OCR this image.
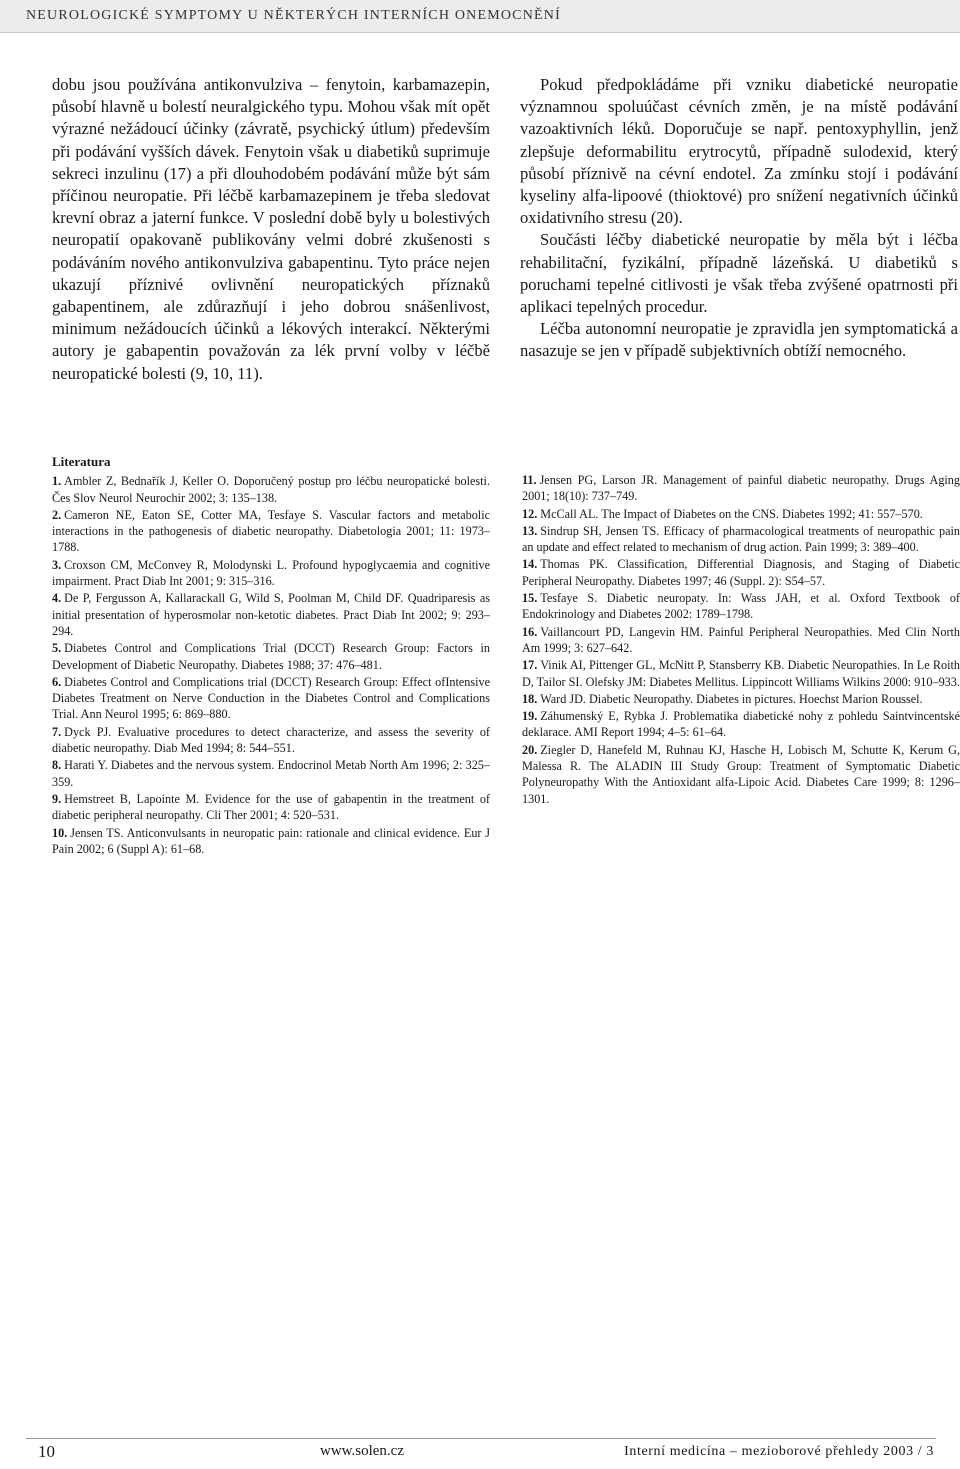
NEUROLOGICKÉ SYMPTOMY U NĚKTERÝCH INTERNÍCH ONEMOCNĚNÍ

dobu jsou používána antikonvulziva – fenytoin, karbamazepin, působí hlavně u bolestí neuralgického typu. Mohou však mít opět výrazné nežádoucí účinky (závratě, psychický útlum) především při podávání vyšších dávek. Fenytoin však u diabetiků suprimuje sekreci inzulinu (17) a při dlouhodobém podávání může být sám příčinou neuropatie. Při léčbě karbamazepinem je třeba sledovat krevní obraz a jaterní funkce. V poslední době byly u bolestivých neuropatií opakovaně publikovány velmi dobré zkušenosti s podáváním nového antikonvulziva gabapentinu. Tyto práce nejen ukazují příznivé ovlivnění neuropatických příznaků gabapentinem, ale zdůrazňují i jeho dobrou snášenlivost, minimum nežádoucích účinků a lékových interakcí. Některými autory je gabapentin považován za lék první volby v léčbě neuropatické bolesti (9, 10, 11).

Pokud předpokládáme při vzniku diabetické neuropatie významnou spoluúčast cévních změn, je na místě podávání vazoaktivních léků. Doporučuje se např. pentoxyphyllin, jenž zlepšuje deformabilitu erytrocytů, případně sulodexid, který působí příznivě na cévní endotel. Za zmínku stojí i podávání kyseliny alfa-lipoové (thioktové) pro snížení negativních účinků oxidativního stresu (20).

Součásti léčby diabetické neuropatie by měla být i léčba rehabilitační, fyzikální, případně lázeňská. U diabetiků s poruchami tepelné citlivosti je však třeba zvýšené opatrnosti při aplikaci tepelných procedur.

Léčba autonomní neuropatie je zpravidla jen symptomatická a nasazuje se jen v případě subjektivních obtíží nemocného.

Literatura
1. Ambler Z, Bednařík J, Keller O. Doporučený postup pro léčbu neuropatické bolesti. Čes Slov Neurol Neurochir 2002; 3: 135–138.
2. Cameron NE, Eaton SE, Cotter MA, Tesfaye S. Vascular factors and metabolic interactions in the pathogenesis of diabetic neuropathy. Diabetologia 2001; 11: 1973–1788.
3. Croxson CM, McConvey R, Molodynski L. Profound hypoglycaemia and cognitive impairment. Pract Diab Int 2001; 9: 315–316.
4. De P, Fergusson A, Kallarackall G, Wild S, Poolman M, Child DF. Quadriparesis as initial presentation of hyperosmolar non-ketotic diabetes. Pract Diab Int 2002; 9: 293–294.
5. Diabetes Control and Complications Trial (DCCT) Research Group: Factors in Development of Diabetic Neuropathy. Diabetes 1988; 37: 476–481.
6. Diabetes Control and Complications trial (DCCT) Research Group: Effect ofIntensive Diabetes Treatment on Nerve Conduction in the Diabetes Control and Complications Trial. Ann Neurol 1995; 6: 869–880.
7. Dyck PJ. Evaluative procedures to detect characterize, and assess the severity of diabetic neuropathy. Diab Med 1994; 8: 544–551.
8. Harati Y. Diabetes and the nervous system. Endocrinol Metab North Am 1996; 2: 325–359.
9. Hemstreet B, Lapointe M. Evidence for the use of gabapentin in the treatment of diabetic peripheral neuropathy. Cli Ther 2001; 4: 520–531.
10. Jensen TS. Anticonvulsants in neuropatic pain: rationale and clinical evidence. Eur J Pain 2002; 6 (Suppl A): 61–68.
11. Jensen PG, Larson JR. Management of painful diabetic neuropathy. Drugs Aging 2001; 18(10): 737–749.
12. McCall AL. The Impact of Diabetes on the CNS. Diabetes 1992; 41: 557–570.
13. Sindrup SH, Jensen TS. Efficacy of pharmacological treatments of neuropathic pain an update and effect related to mechanism of drug action. Pain 1999; 3: 389–400.
14. Thomas PK. Classification, Differential Diagnosis, and Staging of Diabetic Peripheral Neuropathy. Diabetes 1997; 46 (Suppl. 2): S54–57.
15. Tesfaye S. Diabetic neuropaty. In: Wass JAH, et al. Oxford Textbook of Endokrinology and Diabetes 2002: 1789–1798.
16. Vaillancourt PD, Langevin HM. Painful Peripheral Neuropathies. Med Clin North Am 1999; 3: 627–642.
17. Vinik AI, Pittenger GL, McNitt P, Stansberry KB. Diabetic Neuropathies. In Le Roith D, Tailor SI. Olefsky JM: Diabetes Mellitus. Lippincott Williams Wilkins 2000: 910–933.
18. Ward JD. Diabetic Neuropathy. Diabetes in pictures. Hoechst Marion Roussel.
19. Záhumenský E, Rybka J. Problematika diabetické nohy z pohledu Saintvincentské deklarace. AMI Report 1994; 4–5: 61–64.
20. Ziegler D, Hanefeld M, Ruhnau KJ, Hasche H, Lobisch M, Schutte K, Kerum G, Malessa R. The ALADIN III Study Group: Treatment of Symptomatic Diabetic Polyneuropathy With the Antioxidant alfa-Lipoic Acid. Diabetes Care 1999; 8: 1296–1301.
10	www.solen.cz	Interní medicína – mezioborové přehledy 2003 / 3
